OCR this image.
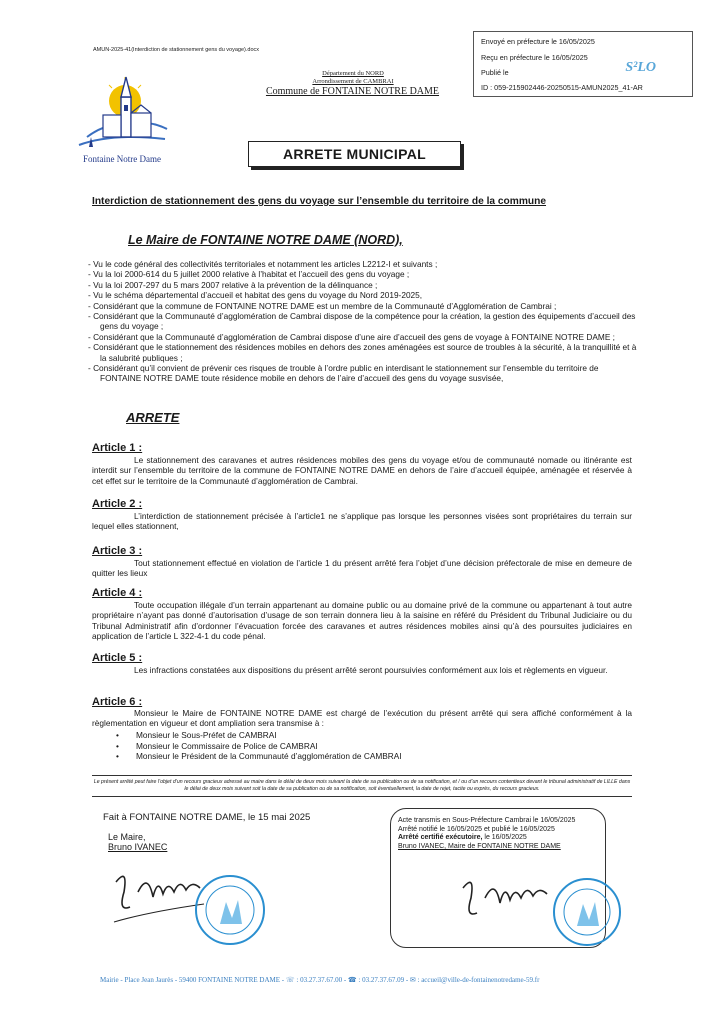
AMUN-2025-41(Interdiction de stationnement gens du voyage).docx
Envoyé en préfecture le 16/05/2025
Reçu en préfecture le 16/05/2025
Publié le
ID : 059-215902446-20250515-AMUN2025_41-AR
S²LO
Fontaine Notre Dame
Département du NORD
Arrondissement de CAMBRAI
Commune de FONTAINE NOTRE DAME
ARRETE MUNICIPAL
Interdiction de stationnement des gens du voyage sur l’ensemble du territoire de la commune
Le Maire de FONTAINE NOTRE DAME (NORD),
- Vu le code général des collectivités territoriales et notamment les articles L2212-I et suivants ;
- Vu la loi 2000-614 du 5 juillet 2000 relative à l’habitat et l’accueil des gens du voyage ;
- Vu la loi 2007-297 du 5 mars 2007 relative à la prévention de la délinquance ;
- Vu le schéma départemental d’accueil et habitat des gens du voyage du Nord 2019-2025,
- Considérant que la commune de FONTAINE NOTRE DAME est un membre de la Communauté d’Agglomération de Cambrai ;
- Considérant que la Communauté d’agglomération de Cambrai dispose de la compétence pour la création, la gestion des équipements d’accueil des gens du voyage ;
- Considérant que la Communauté d’agglomération de Cambrai dispose d’une aire d’accueil des gens de voyage à FONTAINE NOTRE DAME ;
- Considérant que le stationnement des résidences mobiles en dehors des zones aménagées est source de troubles à la sécurité, à la tranquillité et à la salubrité publiques ;
- Considérant qu’il convient de prévenir ces risques de trouble à l’ordre public en interdisant le stationnement sur l’ensemble du territoire de FONTAINE NOTRE DAME toute résidence mobile en dehors de l’aire d’accueil des gens du voyage susvisée,
ARRETE
Article 1 :
Le stationnement des caravanes et autres résidences mobiles des gens du voyage et/ou de communauté nomade ou itinérante est interdit sur l’ensemble du territoire de la commune de FONTAINE NOTRE DAME en dehors de l’aire d’accueil équipée, aménagée et réservée à cet effet sur le territoire de la Communauté d’agglomération de Cambrai.
Article 2 :
L’interdiction de stationnement précisée à l’article1 ne s’applique pas lorsque les personnes visées sont propriétaires du terrain sur lequel elles stationnent,
Article 3 :
Tout stationnement effectué en violation de l’article 1 du présent arrêté fera l’objet d’une décision préfectorale de mise en demeure de quitter les lieux
Article 4 :
Toute occupation illégale d’un terrain appartenant au domaine public ou au domaine privé de la commune ou appartenant à tout autre propriétaire n’ayant pas donné d’autorisation d’usage de son terrain donnera lieu à la saisine en référé du Président du Tribunal Judiciaire ou du Tribunal Administratif afin d’ordonner l’évacuation forcée des caravanes et autres résidences mobiles ainsi qu’à des poursuites judiciaires en application de l’article L 322-4-1 du code pénal.
Article 5 :
Les infractions constatées aux dispositions du présent arrêté seront poursuivies conformément aux lois et règlements en vigueur.
Article 6 :
Monsieur le Maire de FONTAINE NOTRE DAME est chargé de l’exécution du présent arrêté qui sera affiché conformément à la règlementation en vigueur et dont ampliation sera transmise à :
• Monsieur le Sous-Préfet de CAMBRAI
• Monsieur le Commissaire de Police de CAMBRAI
• Monsieur le Président de la Communauté d’agglomération de CAMBRAI
Le présent arrêté peut faire l’objet d’un recours gracieux adressé au maire dans le délai de deux mois suivant la date de sa publication ou de sa notification, et / ou d’un recours contentieux devant le tribunal administratif de LILLE dans le délai de deux mois suivant soit la date de sa publication ou de sa notification, soit éventuellement, la date de rejet, tacite ou exprès, du recours gracieux.
Fait à FONTAINE NOTRE DAME, le 15 mai 2025
Le Maire,
Bruno IVANEC
Acte transmis en Sous-Préfecture Cambrai le 16/05/2025
Arrêté notifié le 16/05/2025 et publié le 16/05/2025
Arrêté certifié exécutoire, le 16/05/2025
Bruno IVANEC, Maire de FONTAINE NOTRE DAME
Mairie - Place Jean Jaurès - 59400 FONTAINE NOTRE DAME - ☏ : 03.27.37.67.00 - ☎ : 03.27.37.67.09 - ✉ : accueil@ville-de-fontainenotredame-59.fr
